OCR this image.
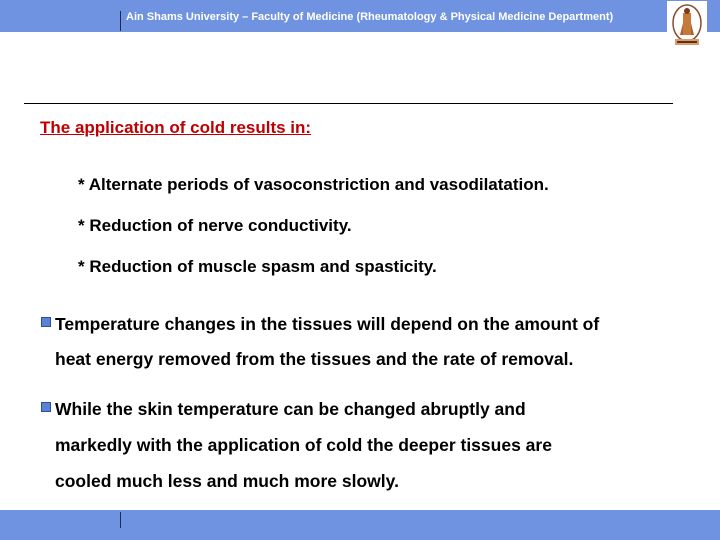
Ain Shams University – Faculty of Medicine (Rheumatology & Physical Medicine Department)
The application of cold results in:
* Alternate periods of vasoconstriction and vasodilatation.
* Reduction of nerve conductivity.
* Reduction of muscle spasm and spasticity.
Temperature changes in the tissues will depend on the amount of
heat energy removed from the tissues and the rate of removal.
While the skin temperature can be changed abruptly and
markedly with the application of cold the deeper tissues are
cooled much less and much more slowly.
